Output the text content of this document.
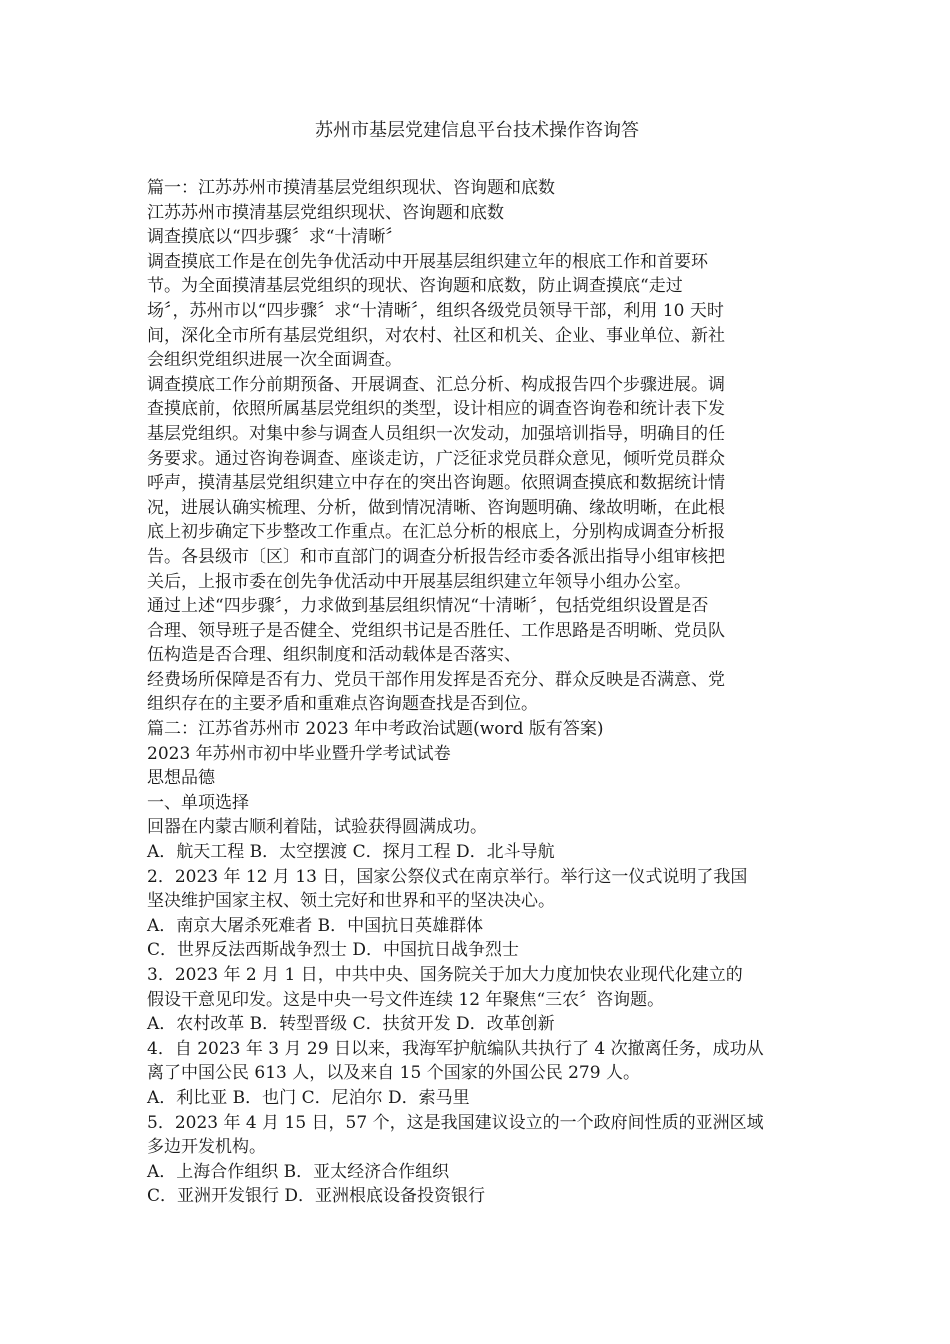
苏州市基层党建信息平台技术操作咨询答

篇一：江苏苏州市摸清基层党组织现状、咨询题和底数

江苏苏州市摸清基层党组织现状、咨询题和底数

调查摸底以“四步骤〞求“十清晰〞

调查摸底工作是在创先争优活动中开展基层组织建立年的根底工作和首要环

节。为全面摸清基层党组织的现状、咨询题和底数，防止调查摸底“走过

场〞，苏州市以“四步骤〞求“十清晰〞，组织各级党员领导干部，利用 10 天时

间，深化全市所有基层党组织，对农村、社区和机关、企业、事业单位、新社

会组织党组织进展一次全面调查。

调查摸底工作分前期预备、开展调查、汇总分析、构成报告四个步骤进展。调

查摸底前，依照所属基层党组织的类型，设计相应的调查咨询卷和统计表下发

基层党组织。对集中参与调查人员组织一次发动，加强培训指导，明确目的任

务要求。通过咨询卷调查、座谈走访，广泛征求党员群众意见，倾听党员群众

呼声，摸清基层党组织建立中存在的突出咨询题。依照调查摸底和数据统计情

况，进展认确实梳理、分析，做到情况清晰、咨询题明确、缘故明晰，在此根

底上初步确定下步整改工作重点。在汇总分析的根底上，分别构成调查分析报

告。各县级市〔区〕和市直部门的调查分析报告经市委各派出指导小组审核把

关后，上报市委在创先争优活动中开展基层组织建立年领导小组办公室。

通过上述“四步骤〞，力求做到基层组织情况“十清晰〞，包括党组织设置是否

合理、领导班子是否健全、党组织书记是否胜任、工作思路是否明晰、党员队

伍构造是否合理、组织制度和活动载体是否落实、

经费场所保障是否有力、党员干部作用发挥是否充分、群众反映是否满意、党

组织存在的主要矛盾和重难点咨询题查找是否到位。

篇二：江苏省苏州市 2023 年中考政治试题(word 版有答案)

2023 年苏州市初中毕业暨升学考试试卷

思想品德

一、单项选择

回器在内蒙古顺利着陆，试验获得圆满成功。

A．航天工程 B．太空摆渡 C．探月工程 D．北斗导航

2．2023 年 12 月 13 日，国家公祭仪式在南京举行。举行这一仪式说明了我国

坚决维护国家主权、领土完好和世界和平的坚决决心。

A．南京大屠杀死难者 B．中国抗日英雄群体

C．世界反法西斯战争烈士 D．中国抗日战争烈士

3．2023 年 2 月 1 日，中共中央、国务院关于加大力度加快农业现代化建立的

假设干意见印发。这是中央一号文件连续 12 年聚焦“三农〞咨询题。

A．农村改革 B．转型晋级 C．扶贫开发 D．改革创新

4．自 2023 年 3 月 29 日以来，我海军护航编队共执行了 4 次撤离任务，成功从

离了中国公民 613 人，以及来自 15 个国家的外国公民 279 人。

A．利比亚 B．也门 C．尼泊尔 D．索马里

5．2023 年 4 月 15 日，57 个，这是我国建议设立的一个政府间性质的亚洲区域

多边开发机构。

A．上海合作组织 B．亚太经济合作组织

C．亚洲开发银行 D．亚洲根底设备投资银行
